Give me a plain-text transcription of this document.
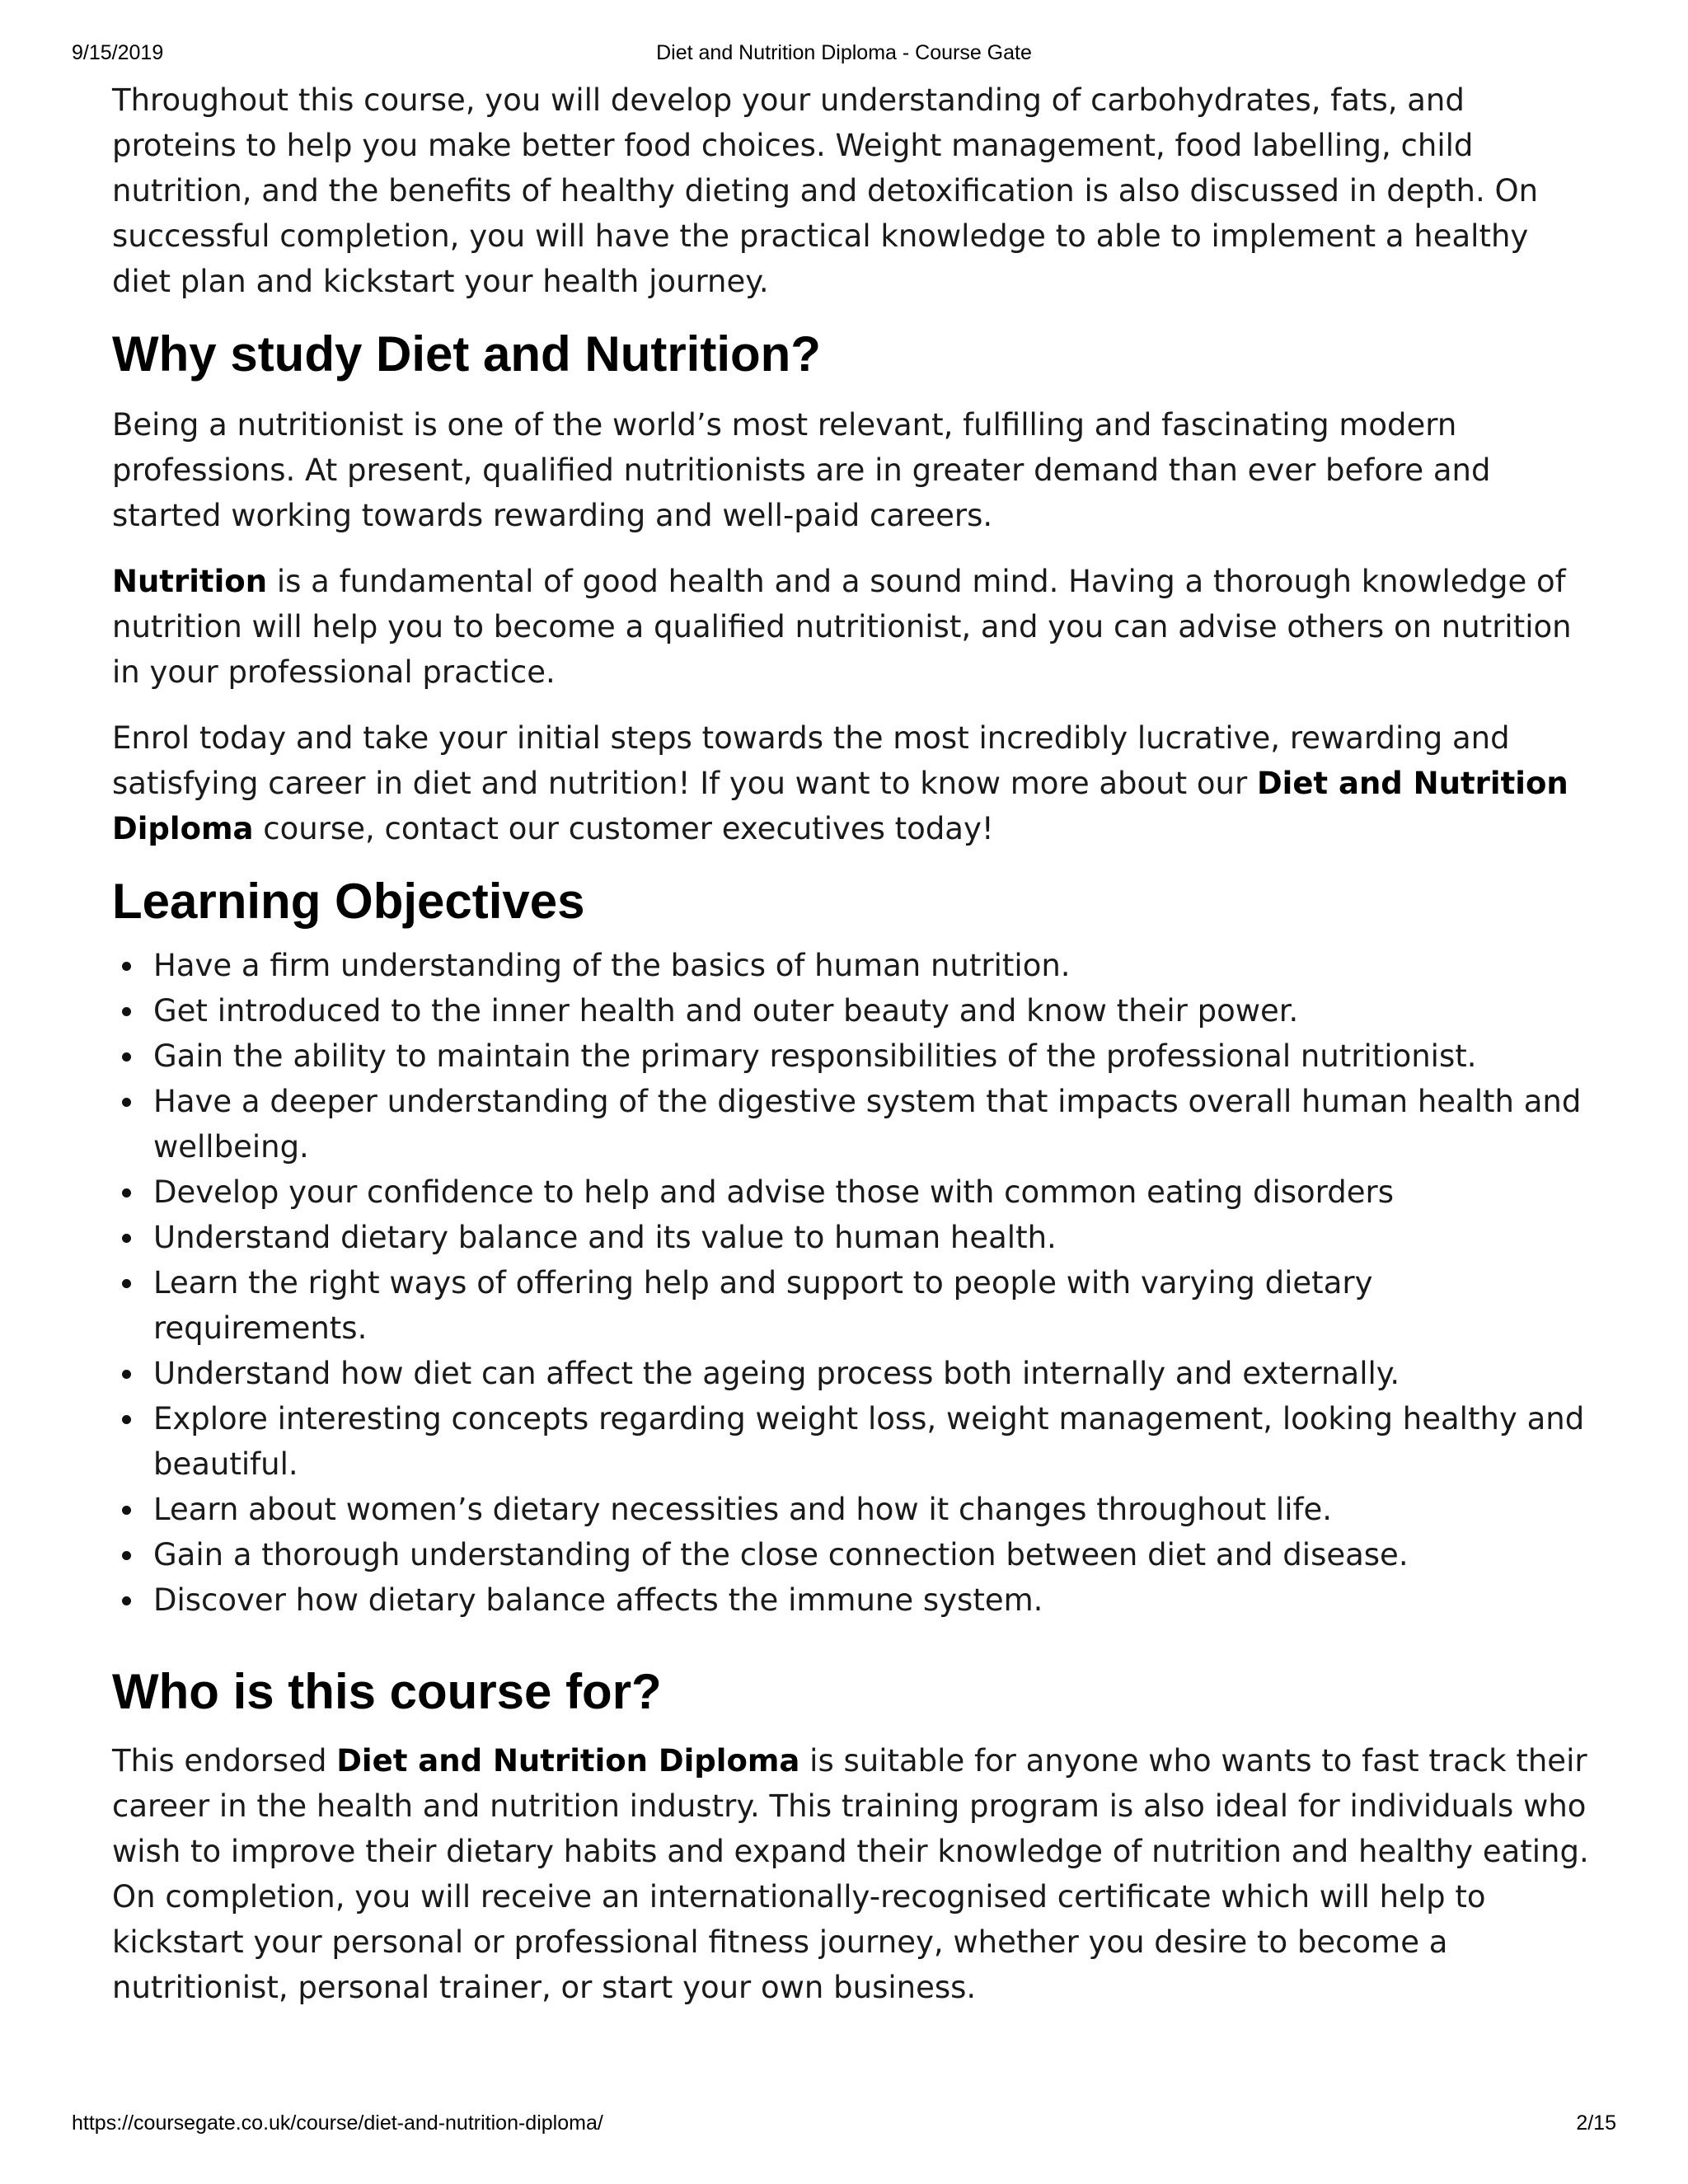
9/15/2019	Diet and Nutrition Diploma - Course Gate

Throughout this course, you will develop your understanding of carbohydrates, fats, and proteins to help you make better food choices. Weight management, food labelling, child nutrition, and the benefits of healthy dieting and detoxification is also discussed in depth. On successful completion, you will have the practical knowledge to able to implement a healthy diet plan and kickstart your health journey.

Why study Diet and Nutrition?

Being a nutritionist is one of the world’s most relevant, fulfilling and fascinating modern professions. At present, qualified nutritionists are in greater demand than ever before and started working towards rewarding and well-paid careers.

Nutrition is a fundamental of good health and a sound mind. Having a thorough knowledge of nutrition will help you to become a qualified nutritionist, and you can advise others on nutrition in your professional practice.

Enrol today and take your initial steps towards the most incredibly lucrative, rewarding and satisfying career in diet and nutrition! If you want to know more about our Diet and Nutrition Diploma course, contact our customer executives today!

Learning Objectives
Have a firm understanding of the basics of human nutrition.
Get introduced to the inner health and outer beauty and know their power.
Gain the ability to maintain the primary responsibilities of the professional nutritionist.
Have a deeper understanding of the digestive system that impacts overall human health and wellbeing.
Develop your confidence to help and advise those with common eating disorders
Understand dietary balance and its value to human health.
Learn the right ways of offering help and support to people with varying dietary requirements.
Understand how diet can affect the ageing process both internally and externally.
Explore interesting concepts regarding weight loss, weight management, looking healthy and beautiful.
Learn about women’s dietary necessities and how it changes throughout life.
Gain a thorough understanding of the close connection between diet and disease.
Discover how dietary balance affects the immune system.
Who is this course for?

This endorsed Diet and Nutrition Diploma is suitable for anyone who wants to fast track their career in the health and nutrition industry. This training program is also ideal for individuals who wish to improve their dietary habits and expand their knowledge of nutrition and healthy eating. On completion, you will receive an internationally-recognised certificate which will help to kickstart your personal or professional fitness journey, whether you desire to become a nutritionist, personal trainer, or start your own business.

https://coursegate.co.uk/course/diet-and-nutrition-diploma/	2/15
